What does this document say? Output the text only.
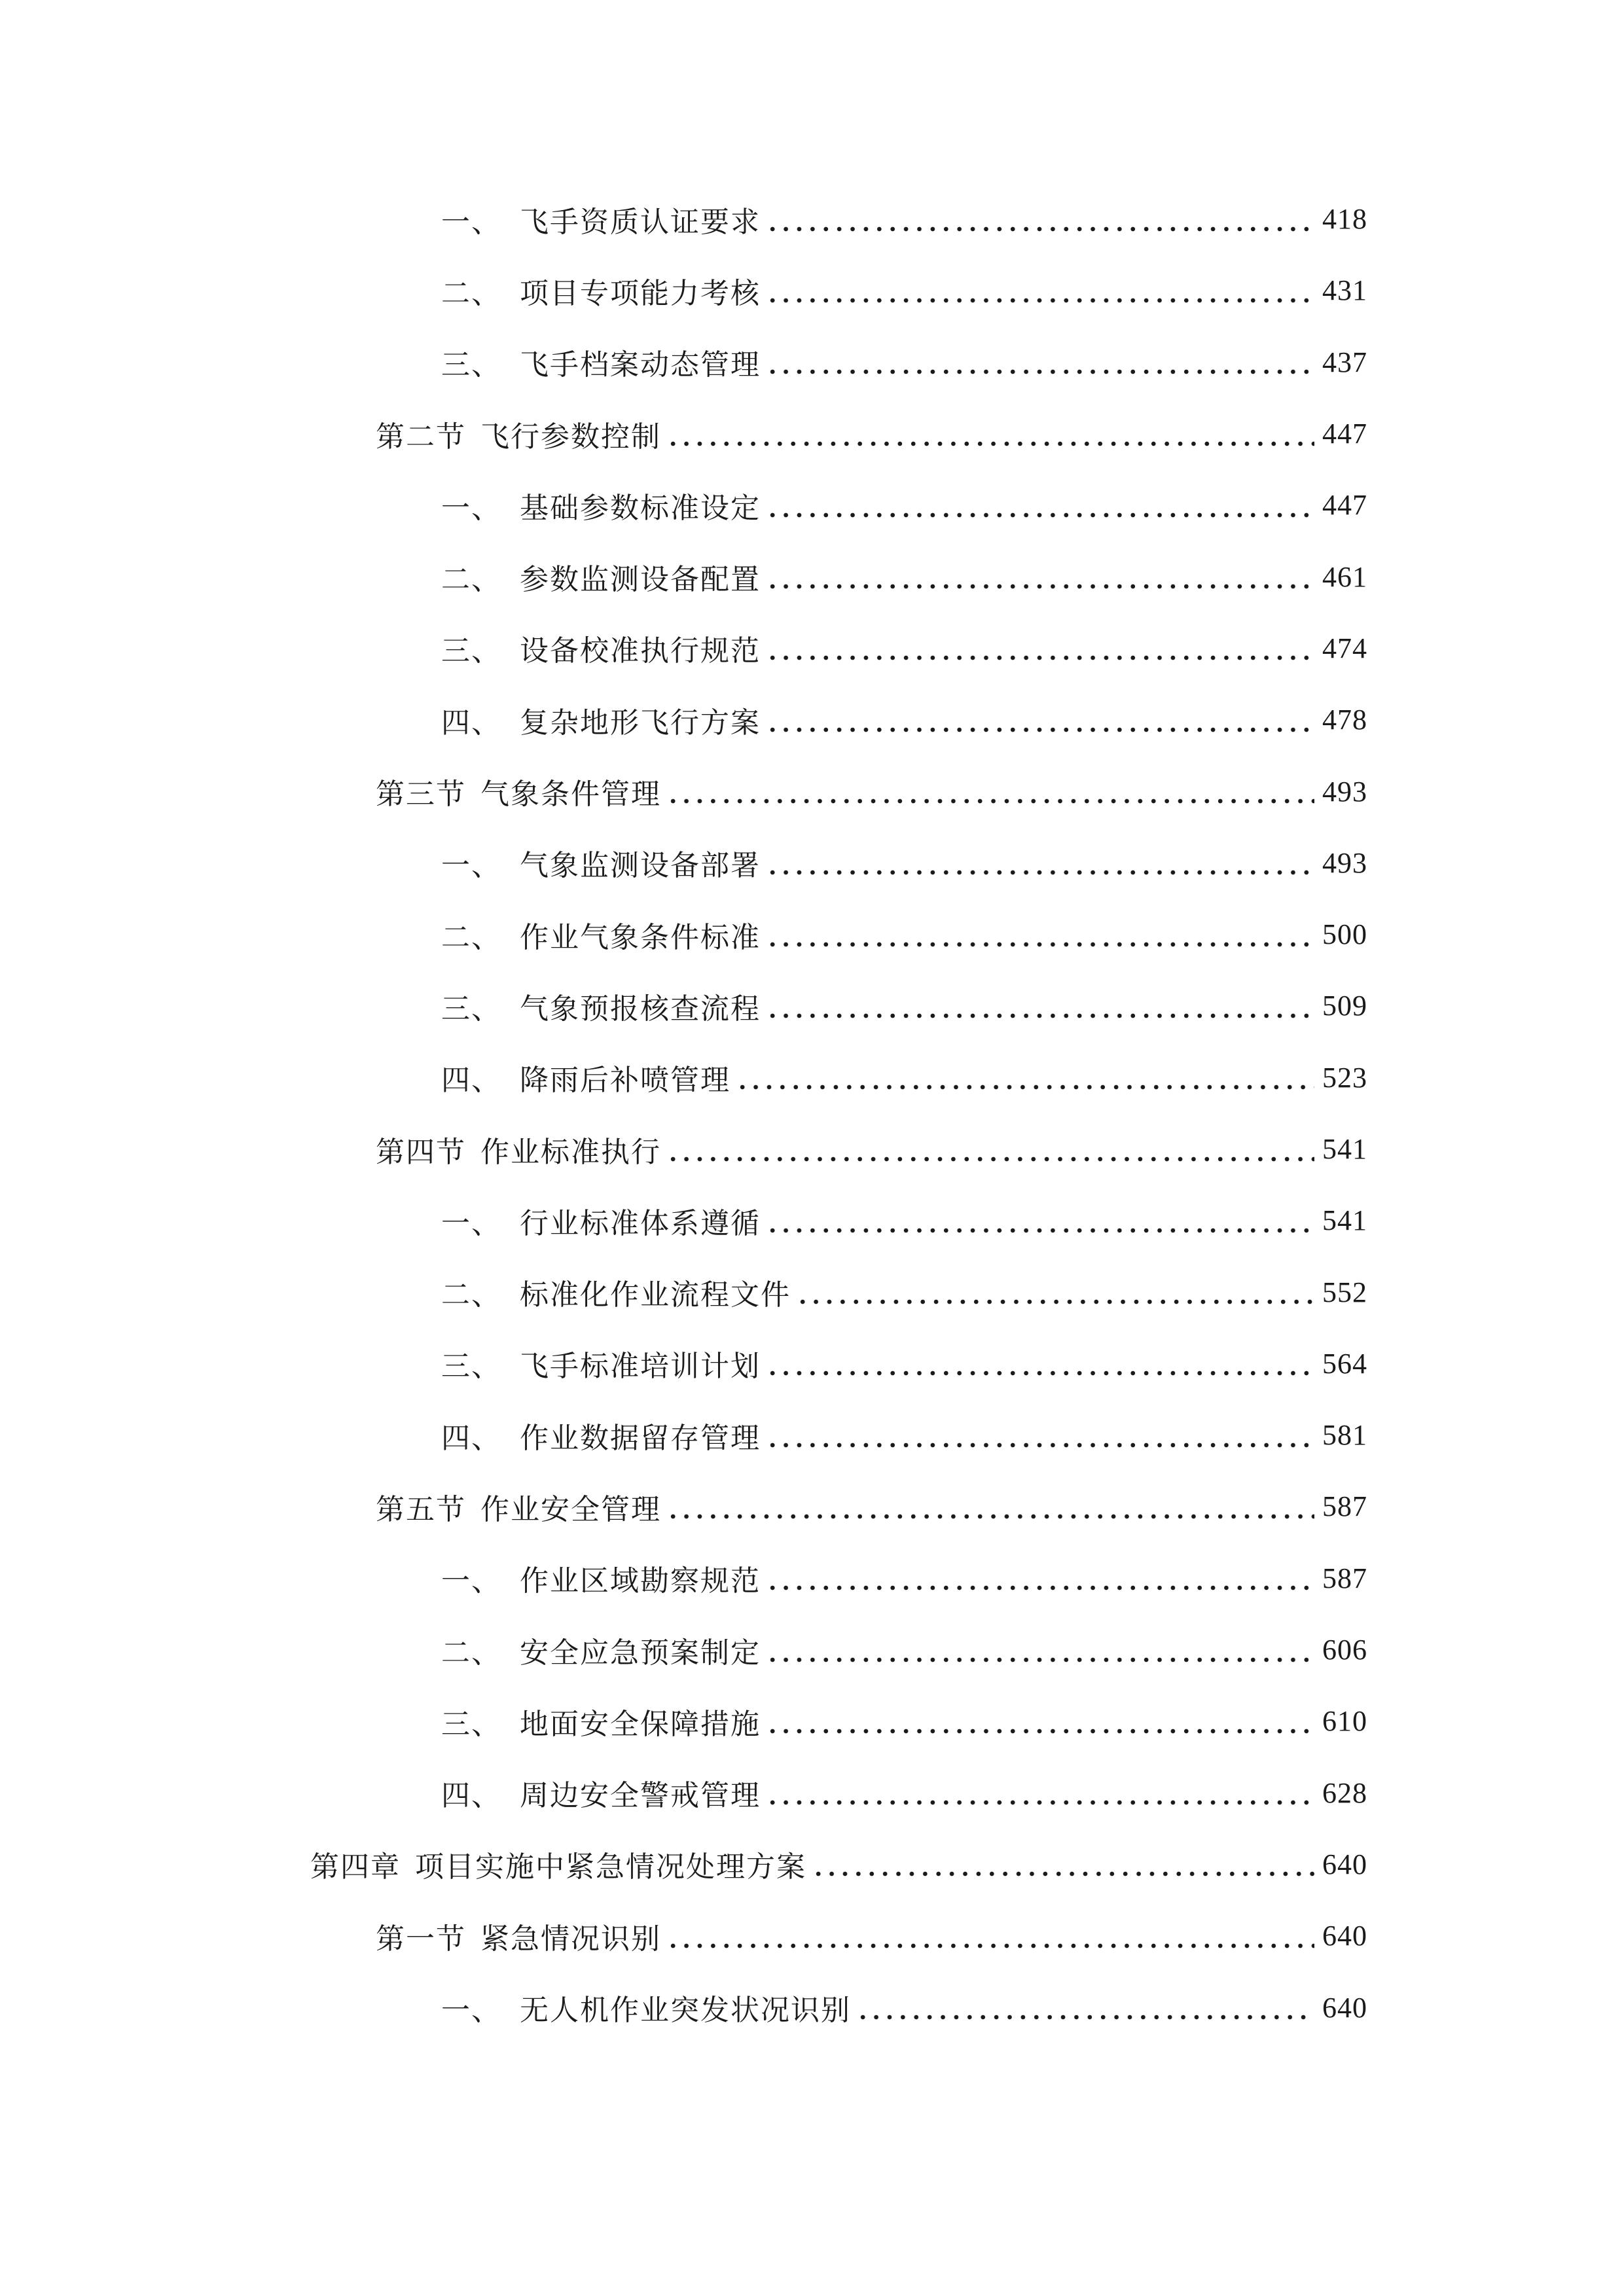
一、 飞手资质认证要求	418
二、 项目专项能力考核	431
三、 飞手档案动态管理	437
第二节 飞行参数控制	447
一、 基础参数标准设定	447
二、 参数监测设备配置	461
三、 设备校准执行规范	474
四、 复杂地形飞行方案	478
第三节 气象条件管理	493
一、 气象监测设备部署	493
二、 作业气象条件标准	500
三、 气象预报核查流程	509
四、 降雨后补喷管理	523
第四节 作业标准执行	541
一、 行业标准体系遵循	541
二、 标准化作业流程文件	552
三、 飞手标准培训计划	564
四、 作业数据留存管理	581
第五节 作业安全管理	587
一、 作业区域勘察规范	587
二、 安全应急预案制定	606
三、 地面安全保障措施	610
四、 周边安全警戒管理	628
第四章 项目实施中紧急情况处理方案	640
第一节 紧急情况识别	640
一、 无人机作业突发状况识别	640
